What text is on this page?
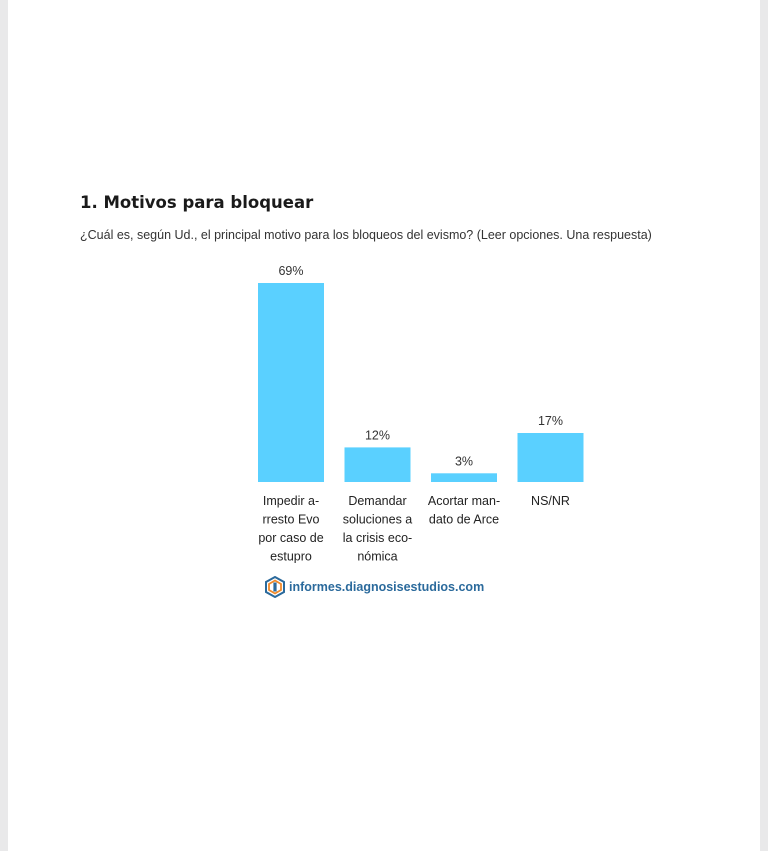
1. Motivos para bloquear

¿Cuál es, según Ud., el principal motivo para los bloqueos del evismo? (Leer opciones. Una respuesta)

69%
Impedir a-rresto Evo por caso de estupro
12%
Demandar soluciones a la crisis eco-nómica
3%
Acortar man-dato de Arce
17%
NS/NR
informes.diagnosisestudios.com
